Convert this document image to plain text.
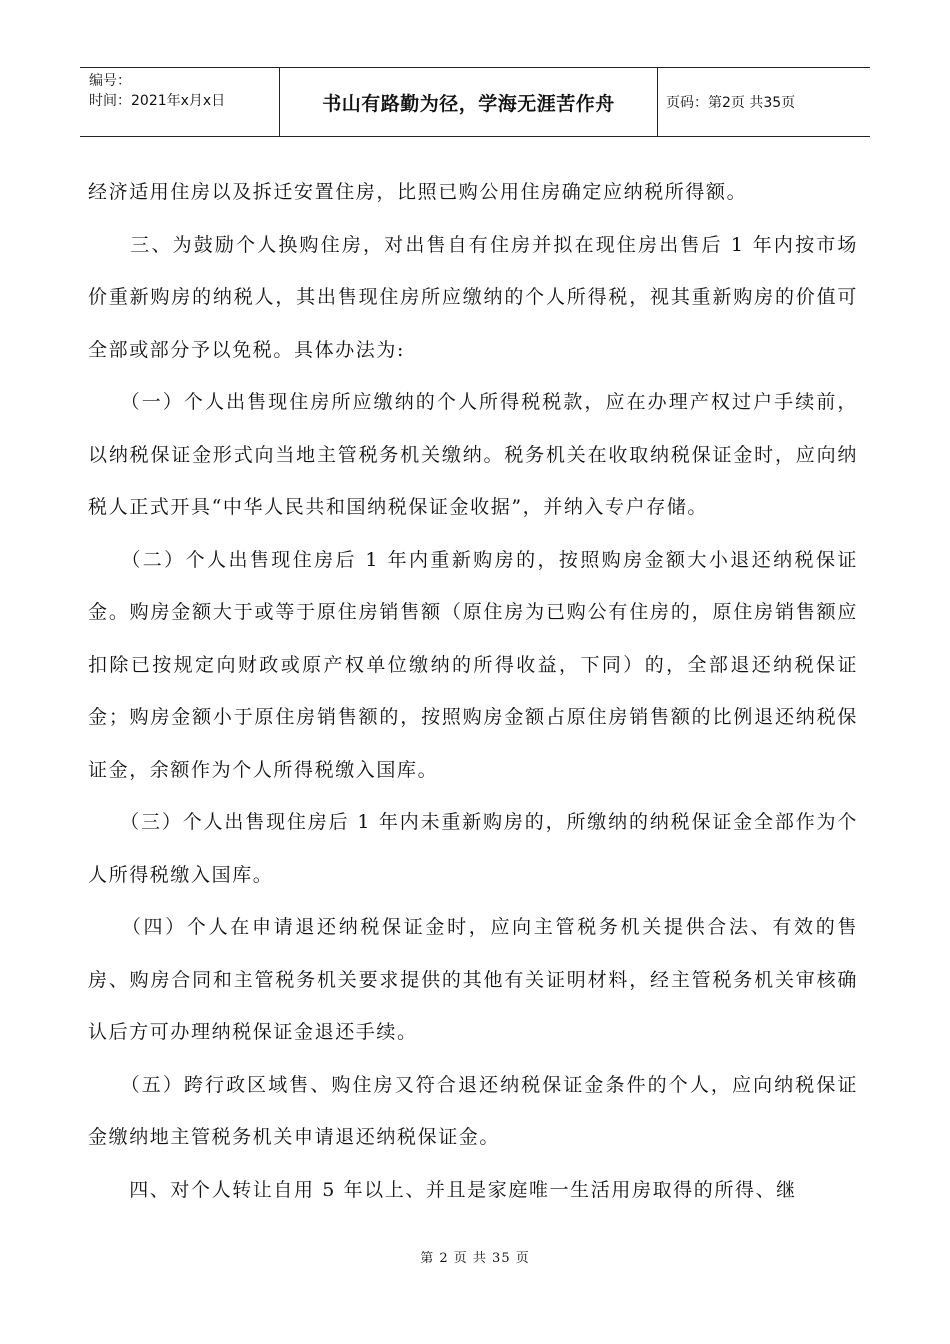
编号：
时间：2021年x月x日	书山有路勤为径，学海无涯苦作舟	页码：第2页 共35页

经济适用住房以及拆迁安置住房，比照已购公用住房确定应纳税所得额。

　　三、为鼓励个人换购住房，对出售自有住房并拟在现住房出售后 1 年内按市场价重新购房的纳税人，其出售现住房所应缴纳的个人所得税，视其重新购房的价值可全部或部分予以免税。具体办法为:

　　（一）个人出售现住房所应缴纳的个人所得税税款，应在办理产权过户手续前，以纳税保证金形式向当地主管税务机关缴纳。税务机关在收取纳税保证金时，应向纳税人正式开具“中华人民共和国纳税保证金收据”，并纳入专户存储。

　　（二）个人出售现住房后 1 年内重新购房的，按照购房金额大小退还纳税保证金。购房金额大于或等于原住房销售额（原住房为已购公有住房的，原住房销售额应扣除已按规定向财政或原产权单位缴纳的所得收益，下同）的，全部退还纳税保证金；购房金额小于原住房销售额的，按照购房金额占原住房销售额的比例退还纳税保证金，余额作为个人所得税缴入国库。

　　（三）个人出售现住房后 1 年内未重新购房的，所缴纳的纳税保证金全部作为个人所得税缴入国库。

　　（四）个人在申请退还纳税保证金时，应向主管税务机关提供合法、有效的售房、购房合同和主管税务机关要求提供的其他有关证明材料，经主管税务机关审核确认后方可办理纳税保证金退还手续。

　　（五）跨行政区域售、购住房又符合退还纳税保证金条件的个人，应向纳税保证金缴纳地主管税务机关申请退还纳税保证金。

　　四、对个人转让自用 5 年以上、并且是家庭唯一生活用房取得的所得、继

第 2 页 共 35 页
